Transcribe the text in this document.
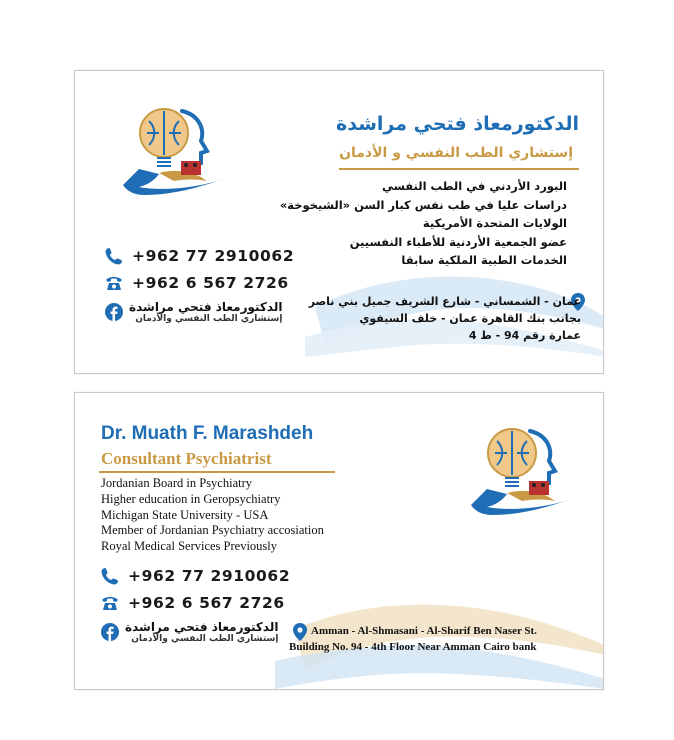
الدكتورمعاذ فتحي مراشدة
إستشاري الطب النفسي و الأدمان
البورد الأردني في الطب النفسي
دراسات عليا في طب نفس كبار السن «الشيخوخة»
الولايات المتحدة الأمريكية
عضو الجمعية الأردنية للأطباء النفسيين
الخدمات الطبية الملكية سابقا
عمان - الشمساني - شارع الشريف جميل بني ناصر
بجانب بنك القاهرة عمان - خلف السيفوي
عمارة رقم 94 - ط 4
+962 77 2910062
+962 6 567 2726
الدكتورمعاذ فتحي مراشدة
إستشاري الطب النفسي والأدمان
Dr. Muath F. Marashdeh
Consultant Psychiatrist
Jordanian Board in Psychiatry
Higher education in Geropsychiatry
Michigan State University - USA
Member of Jordanian Psychiatry accosiation
Royal Medical Services Previously
+962 77 2910062
+962 6 567 2726
الدكتورمعاذ فتحي مراشدة
إستشاري الطب النفسي والأدمان
Amman - Al-Shmasani - Al-Sharif Ben Naser St.
Building No. 94 - 4th Floor Near Amman Cairo bank
